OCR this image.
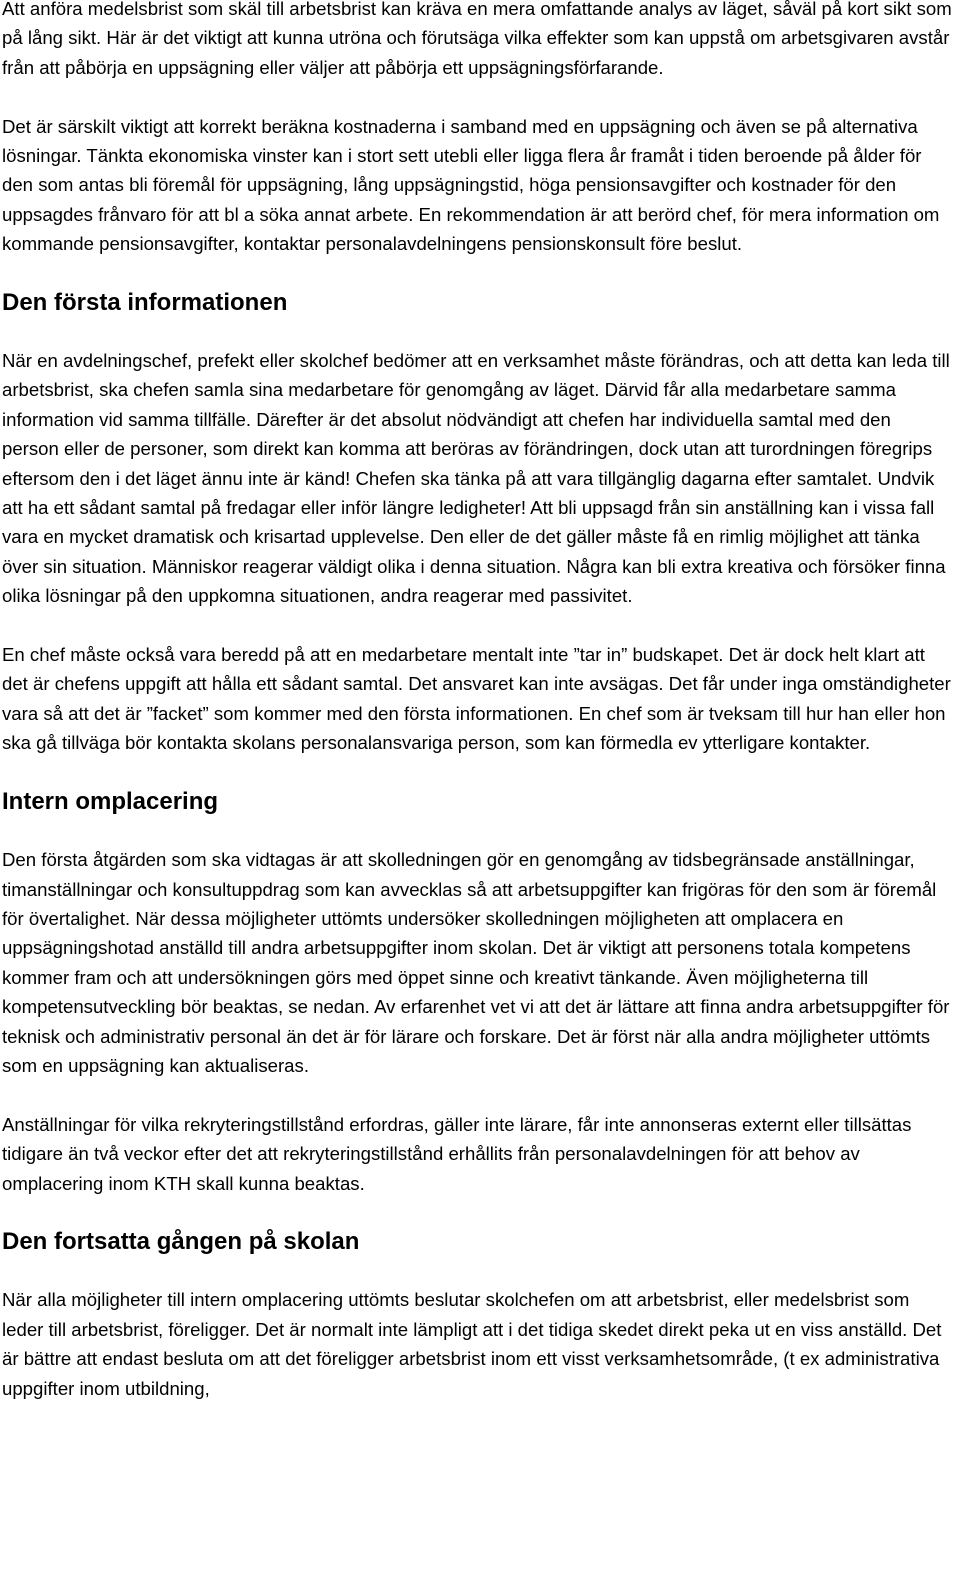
Att anföra medelsbrist som skäl till arbetsbrist kan kräva en mera omfattande analys av läget, såväl på kort sikt som på lång sikt. Här är det viktigt att kunna utröna och förutsäga vilka effekter som kan uppstå om arbetsgivaren avstår från att påbörja en uppsägning eller väljer att påbörja ett uppsägningsförfarande.

Det är särskilt viktigt att korrekt beräkna kostnaderna i samband med en uppsägning och även se på alternativa lösningar. Tänkta ekonomiska vinster kan i stort sett utebli eller ligga flera år framåt i tiden beroende på ålder för den som antas bli föremål för uppsägning, lång uppsägningstid, höga pensionsavgifter och kostnader för den uppsagdes frånvaro för att bl a söka annat arbete. En rekommendation är att berörd chef, för mera information om kommande pensionsavgifter, kontaktar personalavdelningens pensionskonsult före beslut.

Den första informationen

När en avdelningschef, prefekt eller skolchef bedömer att en verksamhet måste förändras, och att detta kan leda till arbetsbrist, ska chefen samla sina medarbetare för genomgång av läget. Därvid får alla medarbetare samma information vid samma tillfälle. Därefter är det absolut nödvändigt att chefen har individuella samtal med den person eller de personer, som direkt kan komma att beröras av förändringen, dock utan att turordningen föregrips eftersom den i det läget ännu inte är känd! Chefen ska tänka på att vara tillgänglig dagarna efter samtalet. Undvik att ha ett sådant samtal på fredagar eller inför längre ledigheter! Att bli uppsagd från sin anställning kan i vissa fall vara en mycket dramatisk och krisartad upplevelse. Den eller de det gäller måste få en rimlig möjlighet att tänka över sin situation. Människor reagerar väldigt olika i denna situation. Några kan bli extra kreativa och försöker finna olika lösningar på den uppkomna situationen, andra reagerar med passivitet.

En chef måste också vara beredd på att en medarbetare mentalt inte ”tar in” budskapet. Det är dock helt klart att det är chefens uppgift att hålla ett sådant samtal. Det ansvaret kan inte avsägas. Det får under inga omständigheter vara så att det är ”facket” som kommer med den första informationen. En chef som är tveksam till hur han eller hon ska gå tillväga bör kontakta skolans personalansvariga person, som kan förmedla ev ytterligare kontakter.

Intern omplacering

Den första åtgärden som ska vidtagas är att skolledningen gör en genomgång av tidsbegränsade anställningar, timanställningar och konsultuppdrag som kan avvecklas så att arbetsuppgifter kan frigöras för den som är föremål för övertalighet. När dessa möjligheter uttömts undersöker skolledningen möjligheten att omplacera en uppsägningshotad anställd till andra arbetsuppgifter inom skolan. Det är viktigt att personens totala kompetens kommer fram och att undersökningen görs med öppet sinne och kreativt tänkande. Även möjligheterna till kompetensutveckling bör beaktas, se nedan. Av erfarenhet vet vi att det är lättare att finna andra arbetsuppgifter för teknisk och administrativ personal än det är för lärare och forskare. Det är först när alla andra möjligheter uttömts som en uppsägning kan aktualiseras.

Anställningar för vilka rekryteringstillstånd erfordras, gäller inte lärare, får inte annonseras externt eller tillsättas tidigare än två veckor efter det att rekryteringstillstånd erhållits från personalavdelningen för att behov av omplacering inom KTH skall kunna beaktas.

Den fortsatta gången på skolan

När alla möjligheter till intern omplacering uttömts beslutar skolchefen om att arbetsbrist, eller medelsbrist som leder till arbetsbrist, föreligger. Det är normalt inte lämpligt att i det tidiga skedet direkt peka ut en viss anställd. Det är bättre att endast besluta om att det föreligger arbetsbrist inom ett visst verksamhetsområde, (t ex administrativa uppgifter inom utbildning,
